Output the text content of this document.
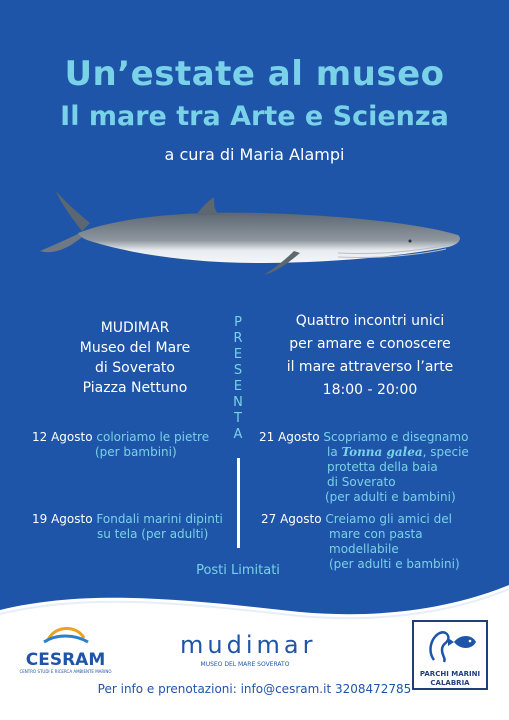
Un’estate al museo
Il mare tra Arte e Scienza

a cura di Maria Alampi

MUDIMAR
Museo del Mare
di Soverato
Piazza Nettuno
P
R
E
S
E
N
T
A
Quattro incontri unici
per amare e conoscere
il mare attraverso l’arte
18:00 - 20:00
12 Agosto coloriamo le pietre
(per bambini)
19 Agosto Fondali marini dipinti
su tela (per adulti)
21 Agosto Scopriamo e disegnamo
la Tonna galea, specie
protetta della baia
di Soverato
(per adulti e bambini)
27 Agosto Creiamo gli amici del
mare con pasta
modellabile
(per adulti e bambini)

Posti Limitati

CESRAM
CENTRO STUDI E RICERCA AMBIENTE MARINO
mudimar
MUSEO DEL MARE SOVERATO
PARCHI MARINI
CALABRIA

Per info e prenotazioni: info@cesram.it 3208472785
